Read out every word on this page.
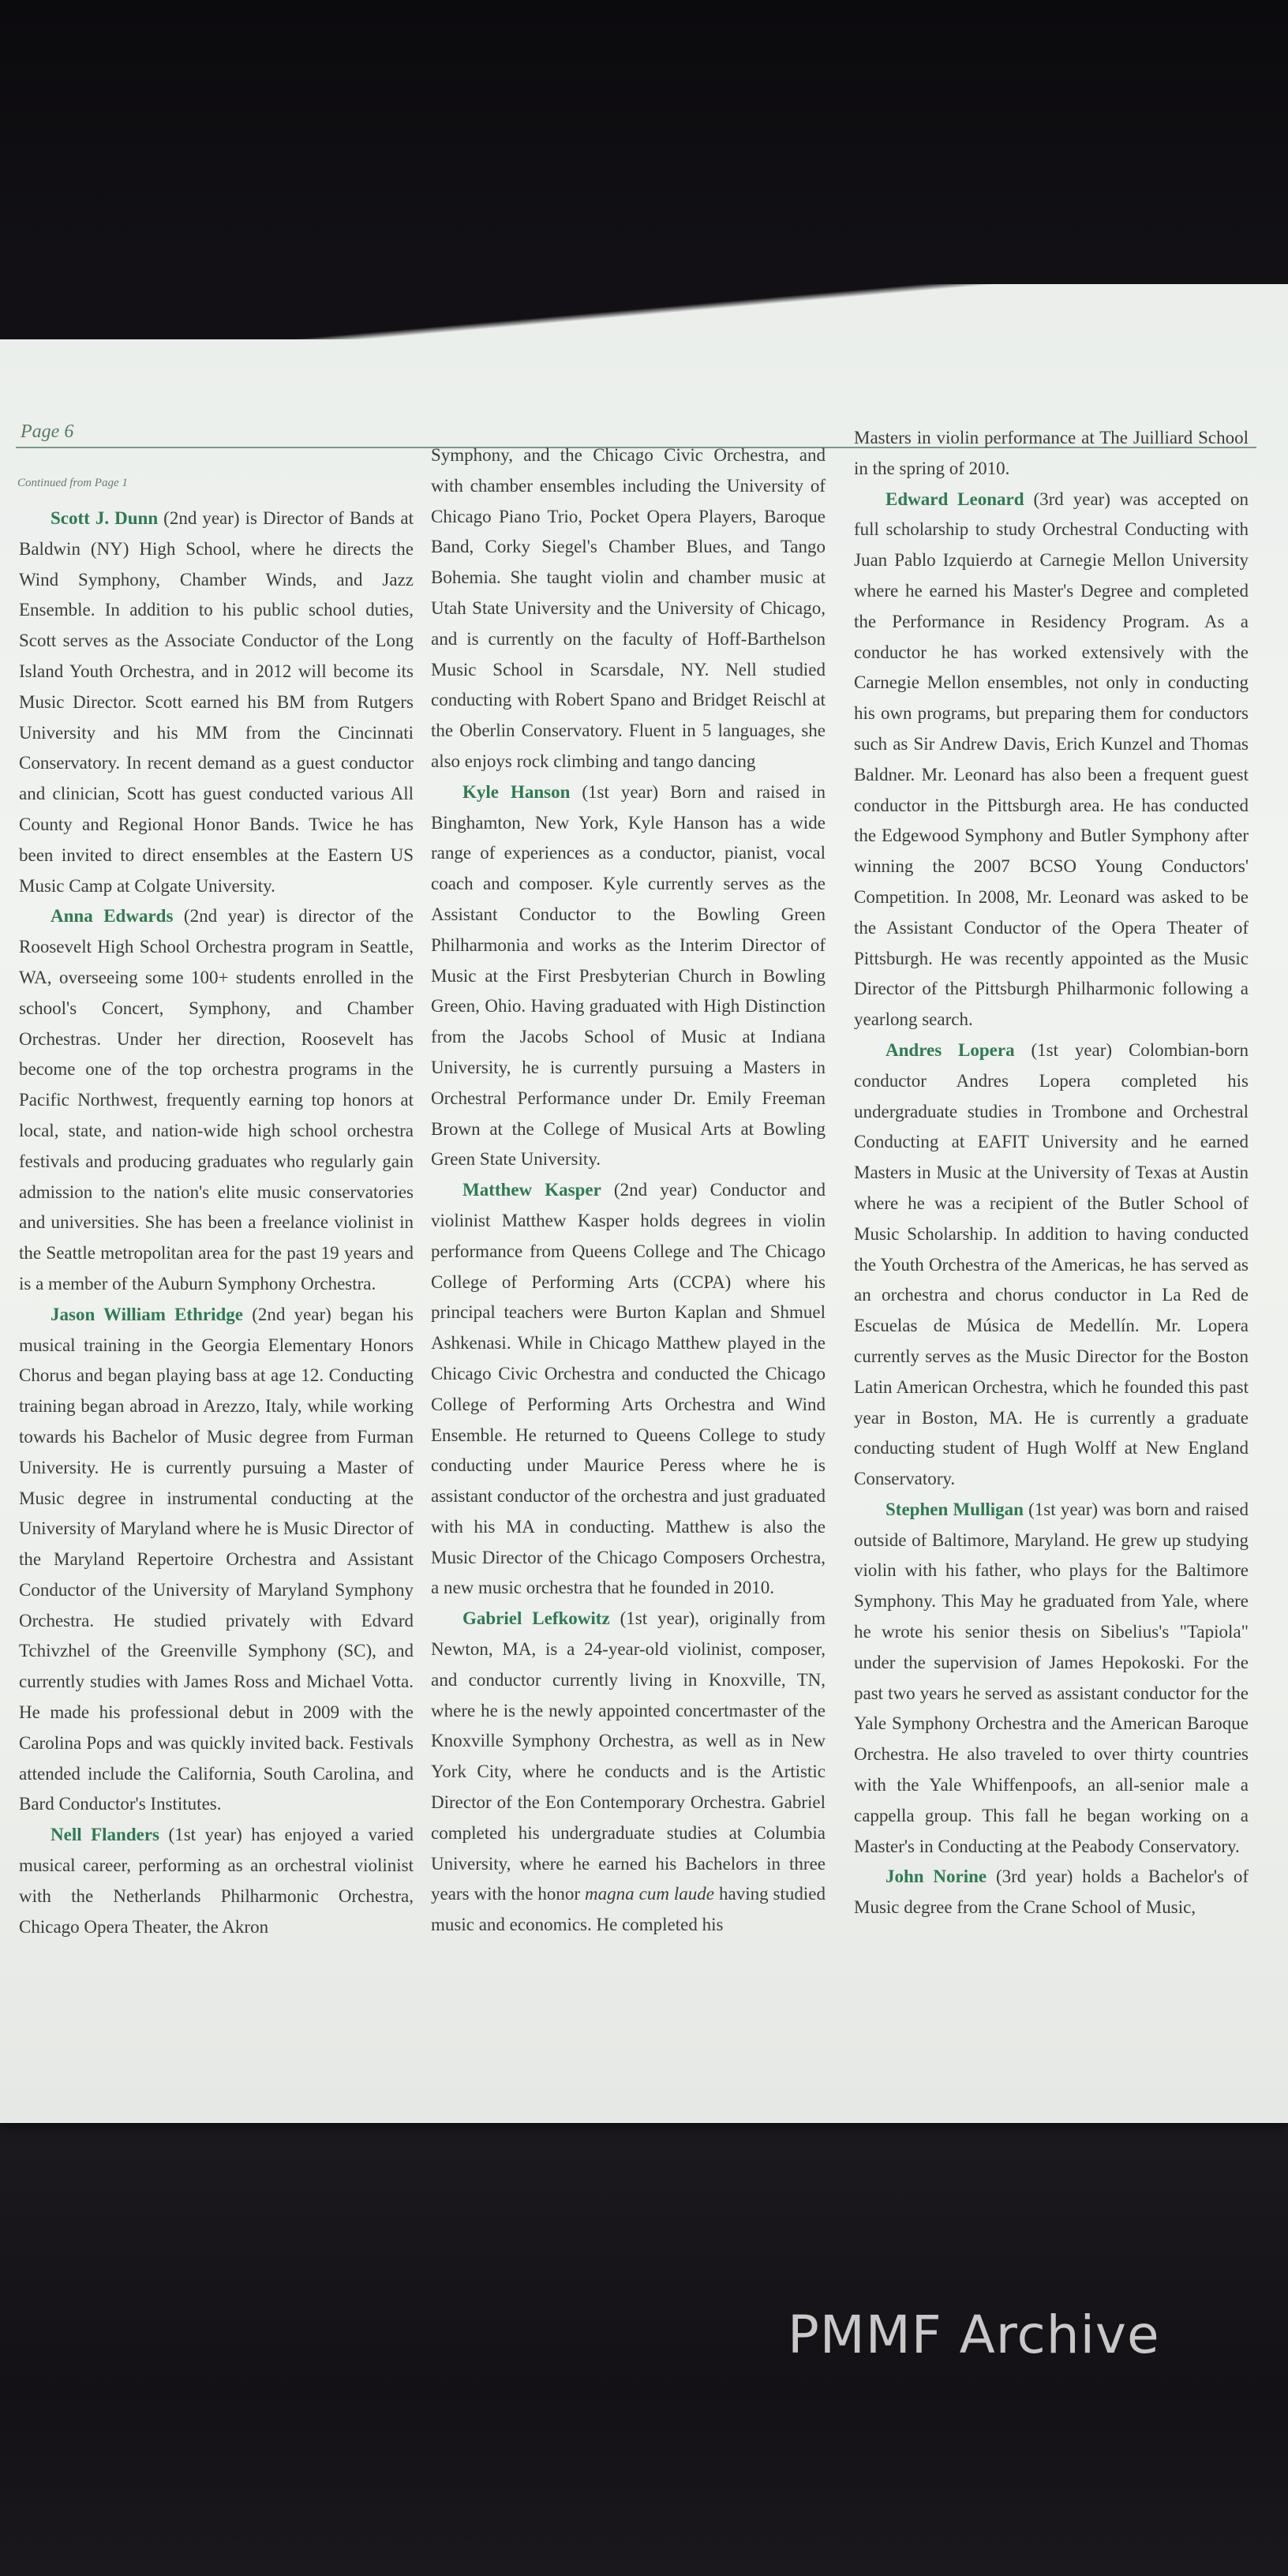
Page 6
Continued from Page 1

Scott J. Dunn (2nd year) is Director of Bands at Baldwin (NY) High School, where he directs the Wind Symphony, Chamber Winds, and Jazz Ensemble. In addition to his public school duties, Scott serves as the Associate Conductor of the Long Island Youth Orchestra, and in 2012 will become its Music Director. Scott earned his BM from Rutgers University and his MM from the Cincinnati Conservatory. In recent demand as a guest conductor and clinician, Scott has guest conducted various All County and Regional Honor Bands. Twice he has been invited to direct ensembles at the Eastern US Music Camp at Colgate University.

Anna Edwards (2nd year) is director of the Roosevelt High School Orchestra program in Seattle, WA, overseeing some 100+ students enrolled in the school's Concert, Symphony, and Chamber Orchestras. Under her direction, Roosevelt has become one of the top orchestra programs in the Pacific Northwest, frequently earning top honors at local, state, and nation-wide high school orchestra festivals and producing graduates who regularly gain admission to the nation's elite music conservatories and universities. She has been a freelance violinist in the Seattle metropolitan area for the past 19 years and is a member of the Auburn Symphony Orchestra.

Jason William Ethridge (2nd year) began his musical training in the Georgia Elementary Honors Chorus and began playing bass at age 12. Conducting training began abroad in Arezzo, Italy, while working towards his Bachelor of Music degree from Furman University. He is currently pursuing a Master of Music degree in instrumental conducting at the University of Maryland where he is Music Director of the Maryland Repertoire Orchestra and Assistant Conductor of the University of Maryland Symphony Orchestra. He studied privately with Edvard Tchivzhel of the Greenville Symphony (SC), and currently studies with James Ross and Michael Votta. He made his professional debut in 2009 with the Carolina Pops and was quickly invited back. Festivals attended include the California, South Carolina, and Bard Conductor's Institutes.

Nell Flanders (1st year) has enjoyed a varied musical career, performing as an orchestral violinist with the Netherlands Philharmonic Orchestra, Chicago Opera Theater, the Akron

Symphony, and the Chicago Civic Orchestra, and with chamber ensembles including the University of Chicago Piano Trio, Pocket Opera Players, Baroque Band, Corky Siegel's Chamber Blues, and Tango Bohemia. She taught violin and chamber music at Utah State University and the University of Chicago, and is currently on the faculty of Hoff-Barthelson Music School in Scarsdale, NY. Nell studied conducting with Robert Spano and Bridget Reischl at the Oberlin Conservatory. Fluent in 5 languages, she also enjoys rock climbing and tango dancing

Kyle Hanson (1st year) Born and raised in Binghamton, New York, Kyle Hanson has a wide range of experiences as a conductor, pianist, vocal coach and composer. Kyle currently serves as the Assistant Conductor to the Bowling Green Philharmonia and works as the Interim Director of Music at the First Presbyterian Church in Bowling Green, Ohio. Having graduated with High Distinction from the Jacobs School of Music at Indiana University, he is currently pursuing a Masters in Orchestral Performance under Dr. Emily Freeman Brown at the College of Musical Arts at Bowling Green State University.

Matthew Kasper (2nd year) Conductor and violinist Matthew Kasper holds degrees in violin performance from Queens College and The Chicago College of Performing Arts (CCPA) where his principal teachers were Burton Kaplan and Shmuel Ashkenasi. While in Chicago Matthew played in the Chicago Civic Orchestra and conducted the Chicago College of Performing Arts Orchestra and Wind Ensemble. He returned to Queens College to study conducting under Maurice Peress where he is assistant conductor of the orchestra and just graduated with his MA in conducting. Matthew is also the Music Director of the Chicago Composers Orchestra, a new music orchestra that he founded in 2010.

Gabriel Lefkowitz (1st year), originally from Newton, MA, is a 24-year-old violinist, composer, and conductor currently living in Knoxville, TN, where he is the newly appointed concertmaster of the Knoxville Symphony Orchestra, as well as in New York City, where he conducts and is the Artistic Director of the Eon Contemporary Orchestra. Gabriel completed his undergraduate studies at Columbia University, where he earned his Bachelors in three years with the honor magna cum laude having studied music and economics. He completed his

Masters in violin performance at The Juilliard School in the spring of 2010.

Edward Leonard (3rd year) was accepted on full scholarship to study Orchestral Conducting with Juan Pablo Izquierdo at Carnegie Mellon University where he earned his Master's Degree and completed the Performance in Residency Program. As a conductor he has worked extensively with the Carnegie Mellon ensembles, not only in conducting his own programs, but preparing them for conductors such as Sir Andrew Davis, Erich Kunzel and Thomas Baldner. Mr. Leonard has also been a frequent guest conductor in the Pittsburgh area. He has conducted the Edgewood Symphony and Butler Symphony after winning the 2007 BCSO Young Conductors' Competition. In 2008, Mr. Leonard was asked to be the Assistant Conductor of the Opera Theater of Pittsburgh. He was recently appointed as the Music Director of the Pittsburgh Philharmonic following a yearlong search.

Andres Lopera (1st year) Colombian-born conductor Andres Lopera completed his undergraduate studies in Trombone and Orchestral Conducting at EAFIT University and he earned Masters in Music at the University of Texas at Austin where he was a recipient of the Butler School of Music Scholarship. In addition to having conducted the Youth Orchestra of the Americas, he has served as an orchestra and chorus conductor in La Red de Escuelas de Música de Medellín. Mr. Lopera currently serves as the Music Director for the Boston Latin American Orchestra, which he founded this past year in Boston, MA. He is currently a graduate conducting student of Hugh Wolff at New England Conservatory.

Stephen Mulligan (1st year) was born and raised outside of Baltimore, Maryland. He grew up studying violin with his father, who plays for the Baltimore Symphony. This May he graduated from Yale, where he wrote his senior thesis on Sibelius's "Tapiola" under the supervision of James Hepokoski. For the past two years he served as assistant conductor for the Yale Symphony Orchestra and the American Baroque Orchestra. He also traveled to over thirty countries with the Yale Whiffenpoofs, an all-senior male a cappella group. This fall he began working on a Master's in Conducting at the Peabody Conservatory.

John Norine (3rd year) holds a Bachelor's of Music degree from the Crane School of Music,

PMMF Archive
